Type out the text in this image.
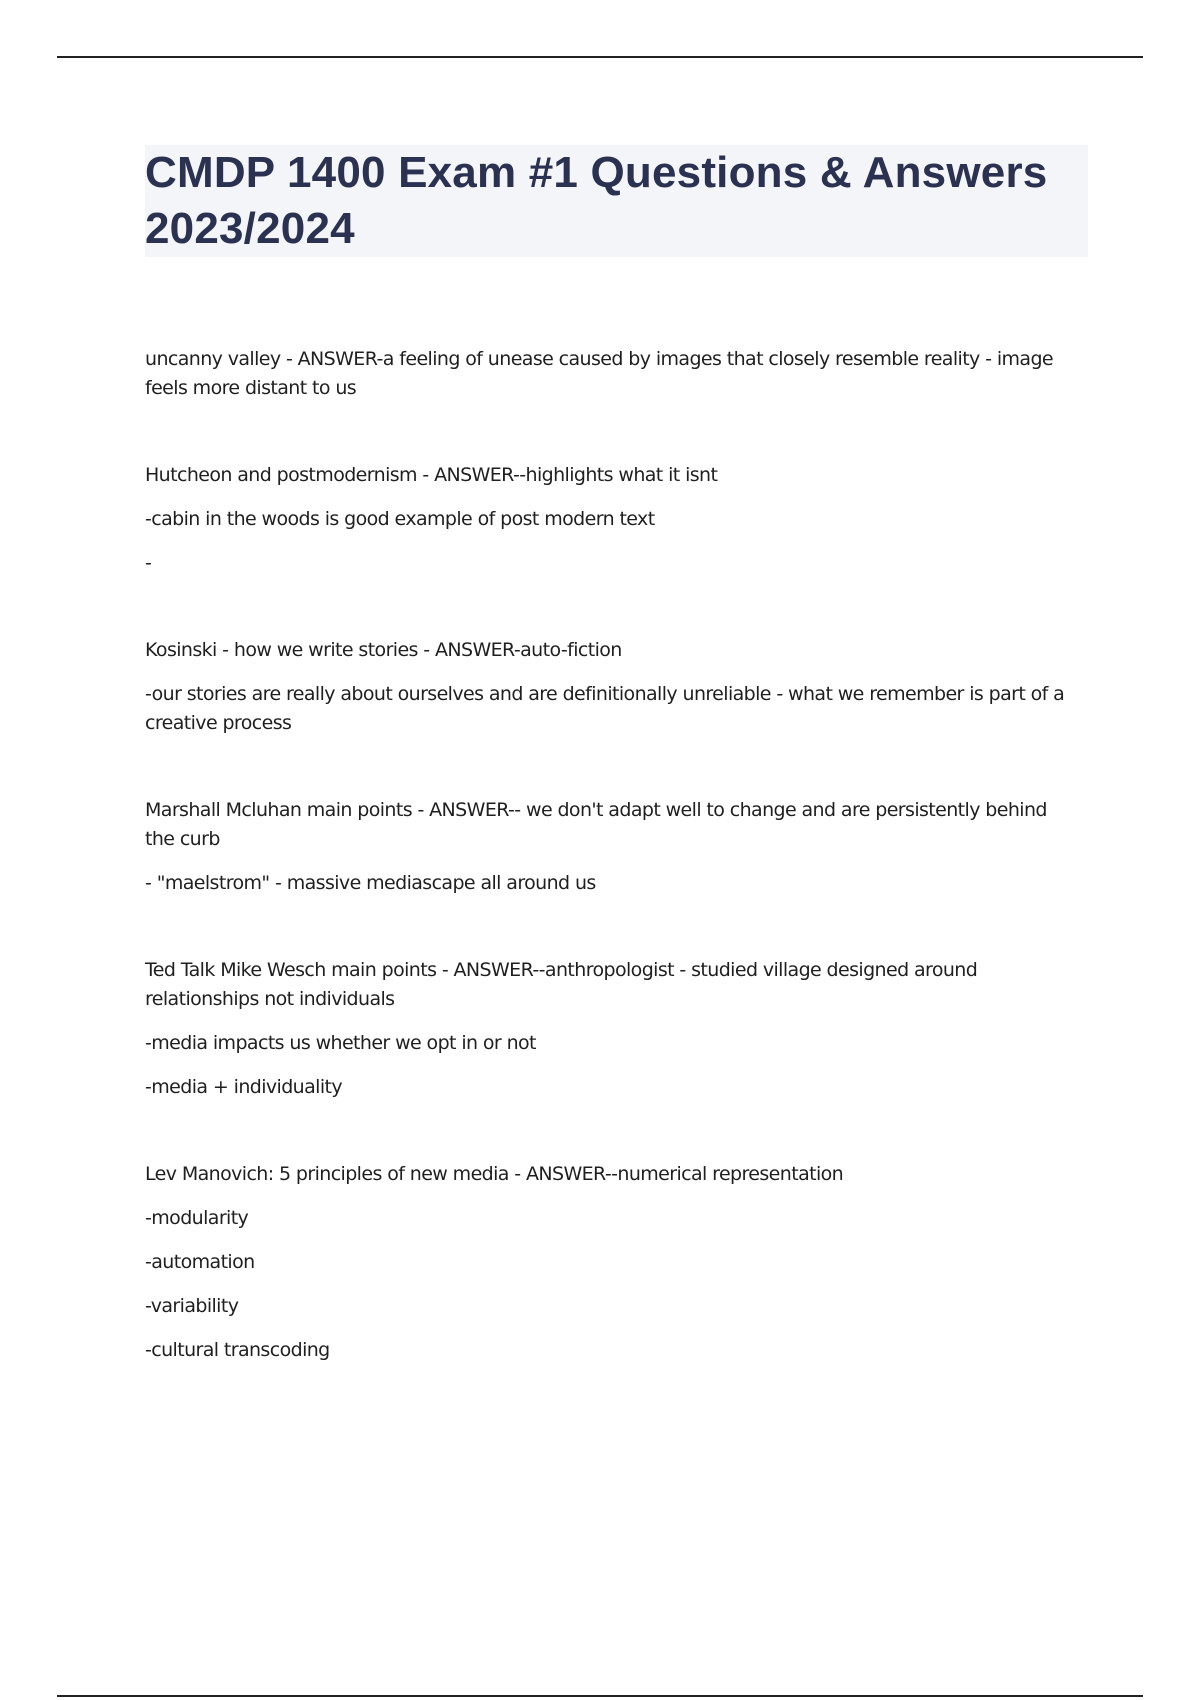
CMDP 1400 Exam #1 Questions & Answers 2023/2024

uncanny valley - ANSWER-a feeling of unease caused by images that closely resemble reality - image feels more distant to us

Hutcheon and postmodernism - ANSWER--highlights what it isnt

-cabin in the woods is good example of post modern text

-

Kosinski - how we write stories - ANSWER-auto-fiction

-our stories are really about ourselves and are definitionally unreliable - what we remember is part of a creative process

Marshall Mcluhan main points - ANSWER-- we don't adapt well to change and are persistently behind the curb

- "maelstrom" - massive mediascape all around us

Ted Talk Mike Wesch main points - ANSWER--anthropologist - studied village designed around relationships not individuals

-media impacts us whether we opt in or not

-media + individuality

Lev Manovich: 5 principles of new media - ANSWER--numerical representation

-modularity

-automation

-variability

-cultural transcoding
